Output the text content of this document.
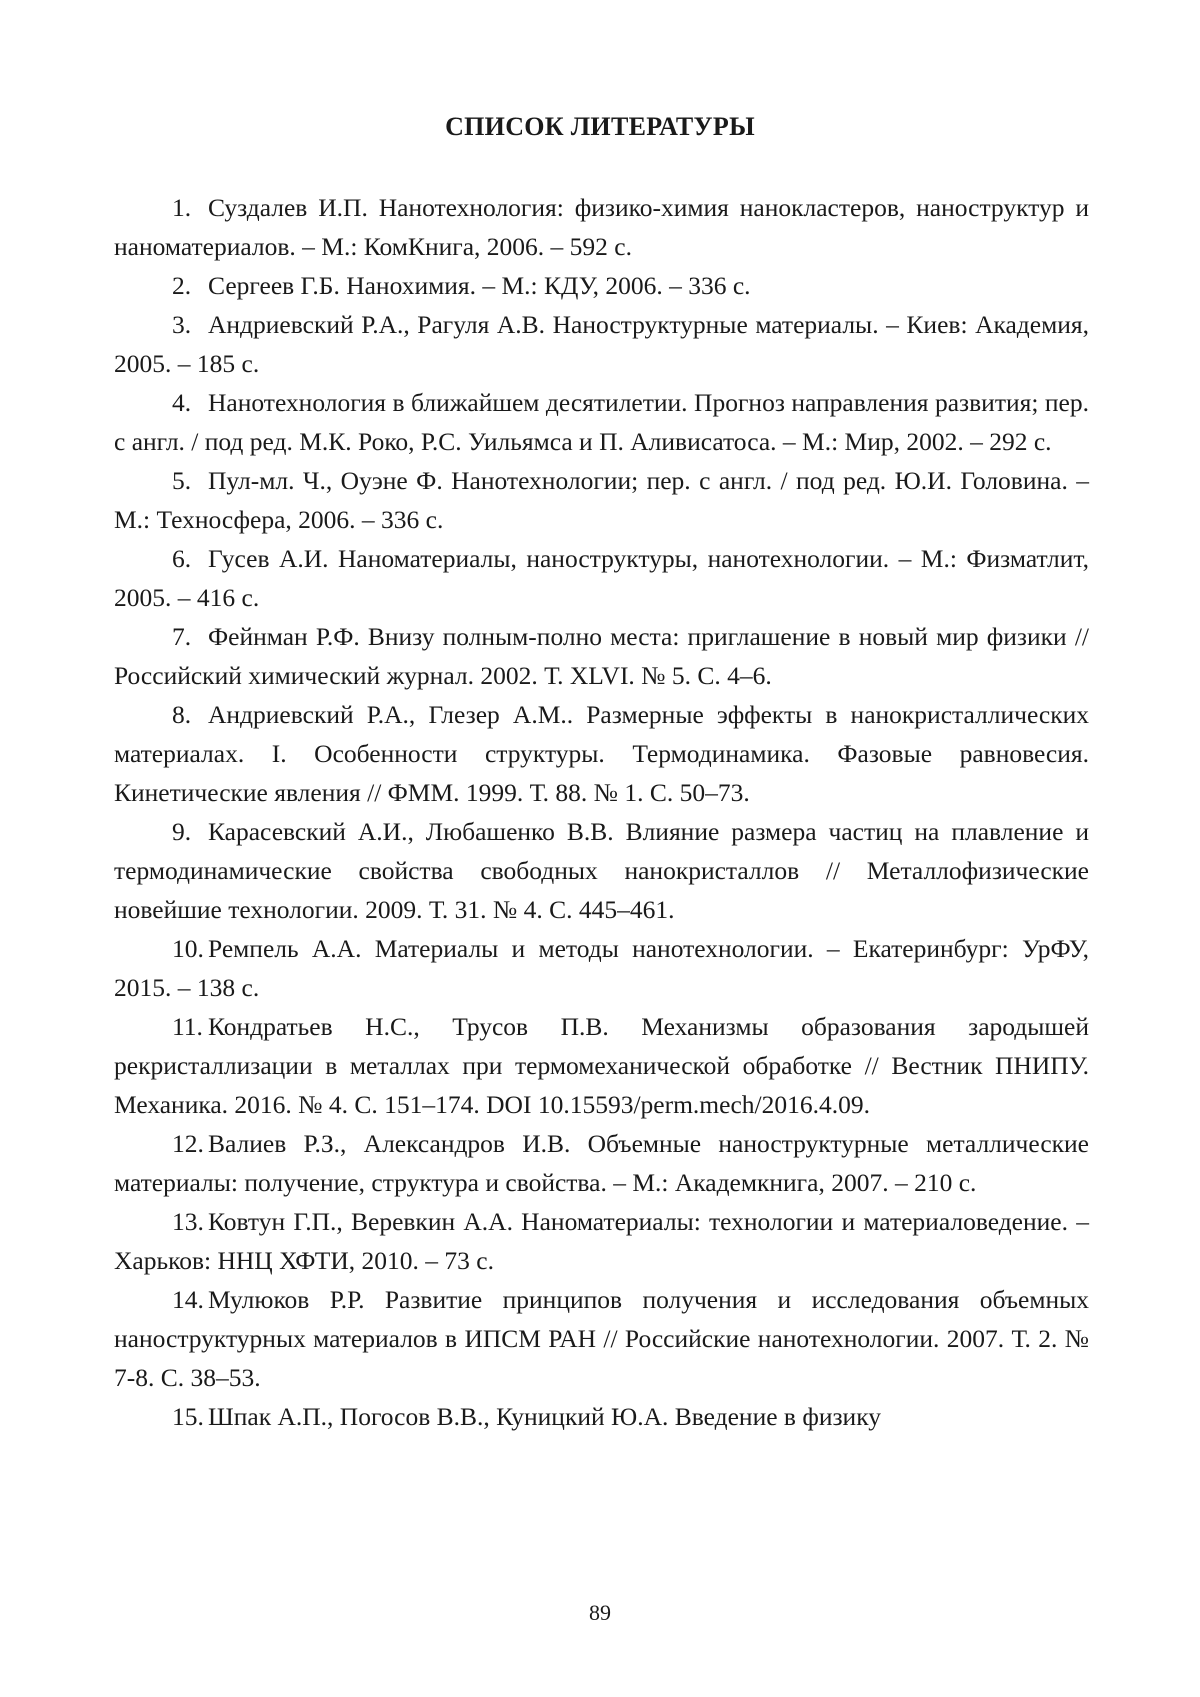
СПИСОК ЛИТЕРАТУРЫ
1. Суздалев И.П. Нанотехнология: физико-химия нанокластеров, наноструктур и наноматериалов. – М.: КомКнига, 2006. – 592 с.
2. Сергеев Г.Б. Нанохимия. – М.: КДУ, 2006. – 336 с.
3. Андриевский Р.А., Рагуля А.В. Наноструктурные материалы. – Киев: Академия, 2005. – 185 с.
4. Нанотехнология в ближайшем десятилетии. Прогноз направления развития; пер. с англ. / под ред. М.К. Роко, Р.С. Уильямса и П. Аливисатоса. – М.: Мир, 2002. – 292 с.
5. Пул-мл. Ч., Оуэне Ф. Нанотехнологии; пер. с англ. / под ред. Ю.И. Головина. – М.: Техносфера, 2006. – 336 с.
6. Гусев А.И. Наноматериалы, наноструктуры, нанотехнологии. – М.: Физматлит, 2005. – 416 с.
7. Фейнман Р.Ф. Внизу полным-полно места: приглашение в новый мир физики // Российский химический журнал. 2002. Т. XLVI. № 5. С. 4–6.
8. Андриевский Р.А., Глезер А.М.. Размерные эффекты в нанокристаллических материалах. I. Особенности структуры. Термодинамика. Фазовые равновесия. Кинетические явления // ФММ. 1999. Т. 88. № 1. С. 50–73.
9. Карасевский А.И., Любашенко В.В. Влияние размера частиц на плавление и термодинамические свойства свободных нанокристаллов // Металлофизические новейшие технологии. 2009. Т. 31. № 4. С. 445–461.
10. Ремпель А.А. Материалы и методы нанотехнологии. – Екатеринбург: УрФУ, 2015. – 138 с.
11. Кондратьев Н.С., Трусов П.В. Механизмы образования зародышей рекристаллизации в металлах при термомеханической обработке // Вестник ПНИПУ. Механика. 2016. № 4. С. 151–174. DOI 10.15593/perm.mech/2016.4.09.
12. Валиев Р.З., Александров И.В. Объемные наноструктурные металлические материалы: получение, структура и свойства. – М.: Академкнига, 2007. – 210 с.
13. Ковтун Г.П., Веревкин А.А. Наноматериалы: технологии и материаловедение. – Харьков: ННЦ ХФТИ, 2010. – 73 с.
14. Мулюков Р.Р. Развитие принципов получения и исследования объемных наноструктурных материалов в ИПСМ РАН // Российские нанотехнологии. 2007. Т. 2. № 7-8. С. 38–53.
15. Шпак А.П., Погосов В.В., Куницкий Ю.А. Введение в физику
89
